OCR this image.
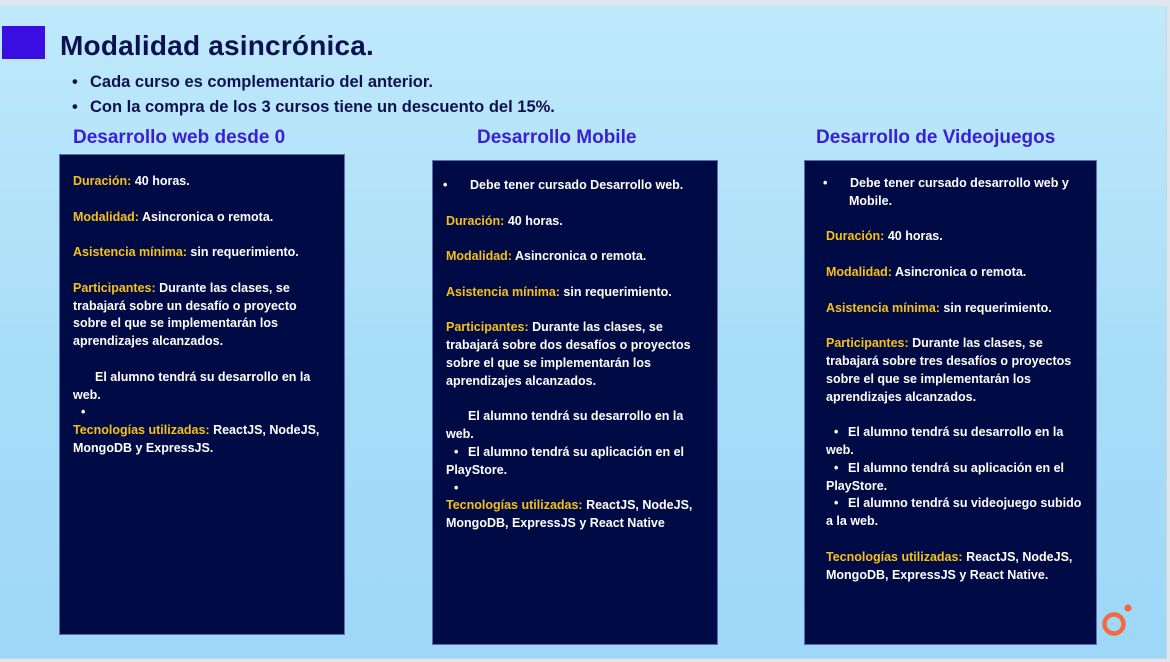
Modalidad asincrónica.
• Cada curso es complementario del anterior.
• Con la compra de los 3 cursos tiene un descuento del 15%.
Desarrollo web desde 0

Duración: 40 horas.

Modalidad: Asincronica o remota.

Asistencia mínima: sin requerimiento.

Participantes: Durante las clases, se trabajará sobre un desafío o proyecto sobre el que se implementarán los aprendizajes alcanzados.

El alumno tendrá su desarrollo en la web.

•

Tecnologías utilizadas: ReactJS, NodeJS, MongoDB y ExpressJS.

Desarrollo Mobile

• Debe tener cursado Desarrollo web.

Duración: 40 horas.

Modalidad: Asincronica o remota.

Asistencia mínima: sin requerimiento.

Participantes: Durante las clases, se trabajará sobre dos desafíos o proyectos sobre el que se implementarán los aprendizajes alcanzados.

El alumno tendrá su desarrollo en la web.

• El alumno tendrá su aplicación en el PlayStore.

•

Tecnologías utilizadas: ReactJS, NodeJS, MongoDB, ExpressJS y React Native

Desarrollo de Videojuegos

• Debe tener cursado desarrollo web y Mobile.

Duración: 40 horas.

Modalidad: Asincronica o remota.

Asistencia mínima: sin requerimiento.

Participantes: Durante las clases, se trabajará sobre tres desafíos o proyectos sobre el que se implementarán los aprendizajes alcanzados.

• El alumno tendrá su desarrollo en la web.

• El alumno tendrá su aplicación en el PlayStore.

• El alumno tendrá su videojuego subido a la web.

Tecnologías utilizadas: ReactJS, NodeJS, MongoDB, ExpressJS y React Native.
